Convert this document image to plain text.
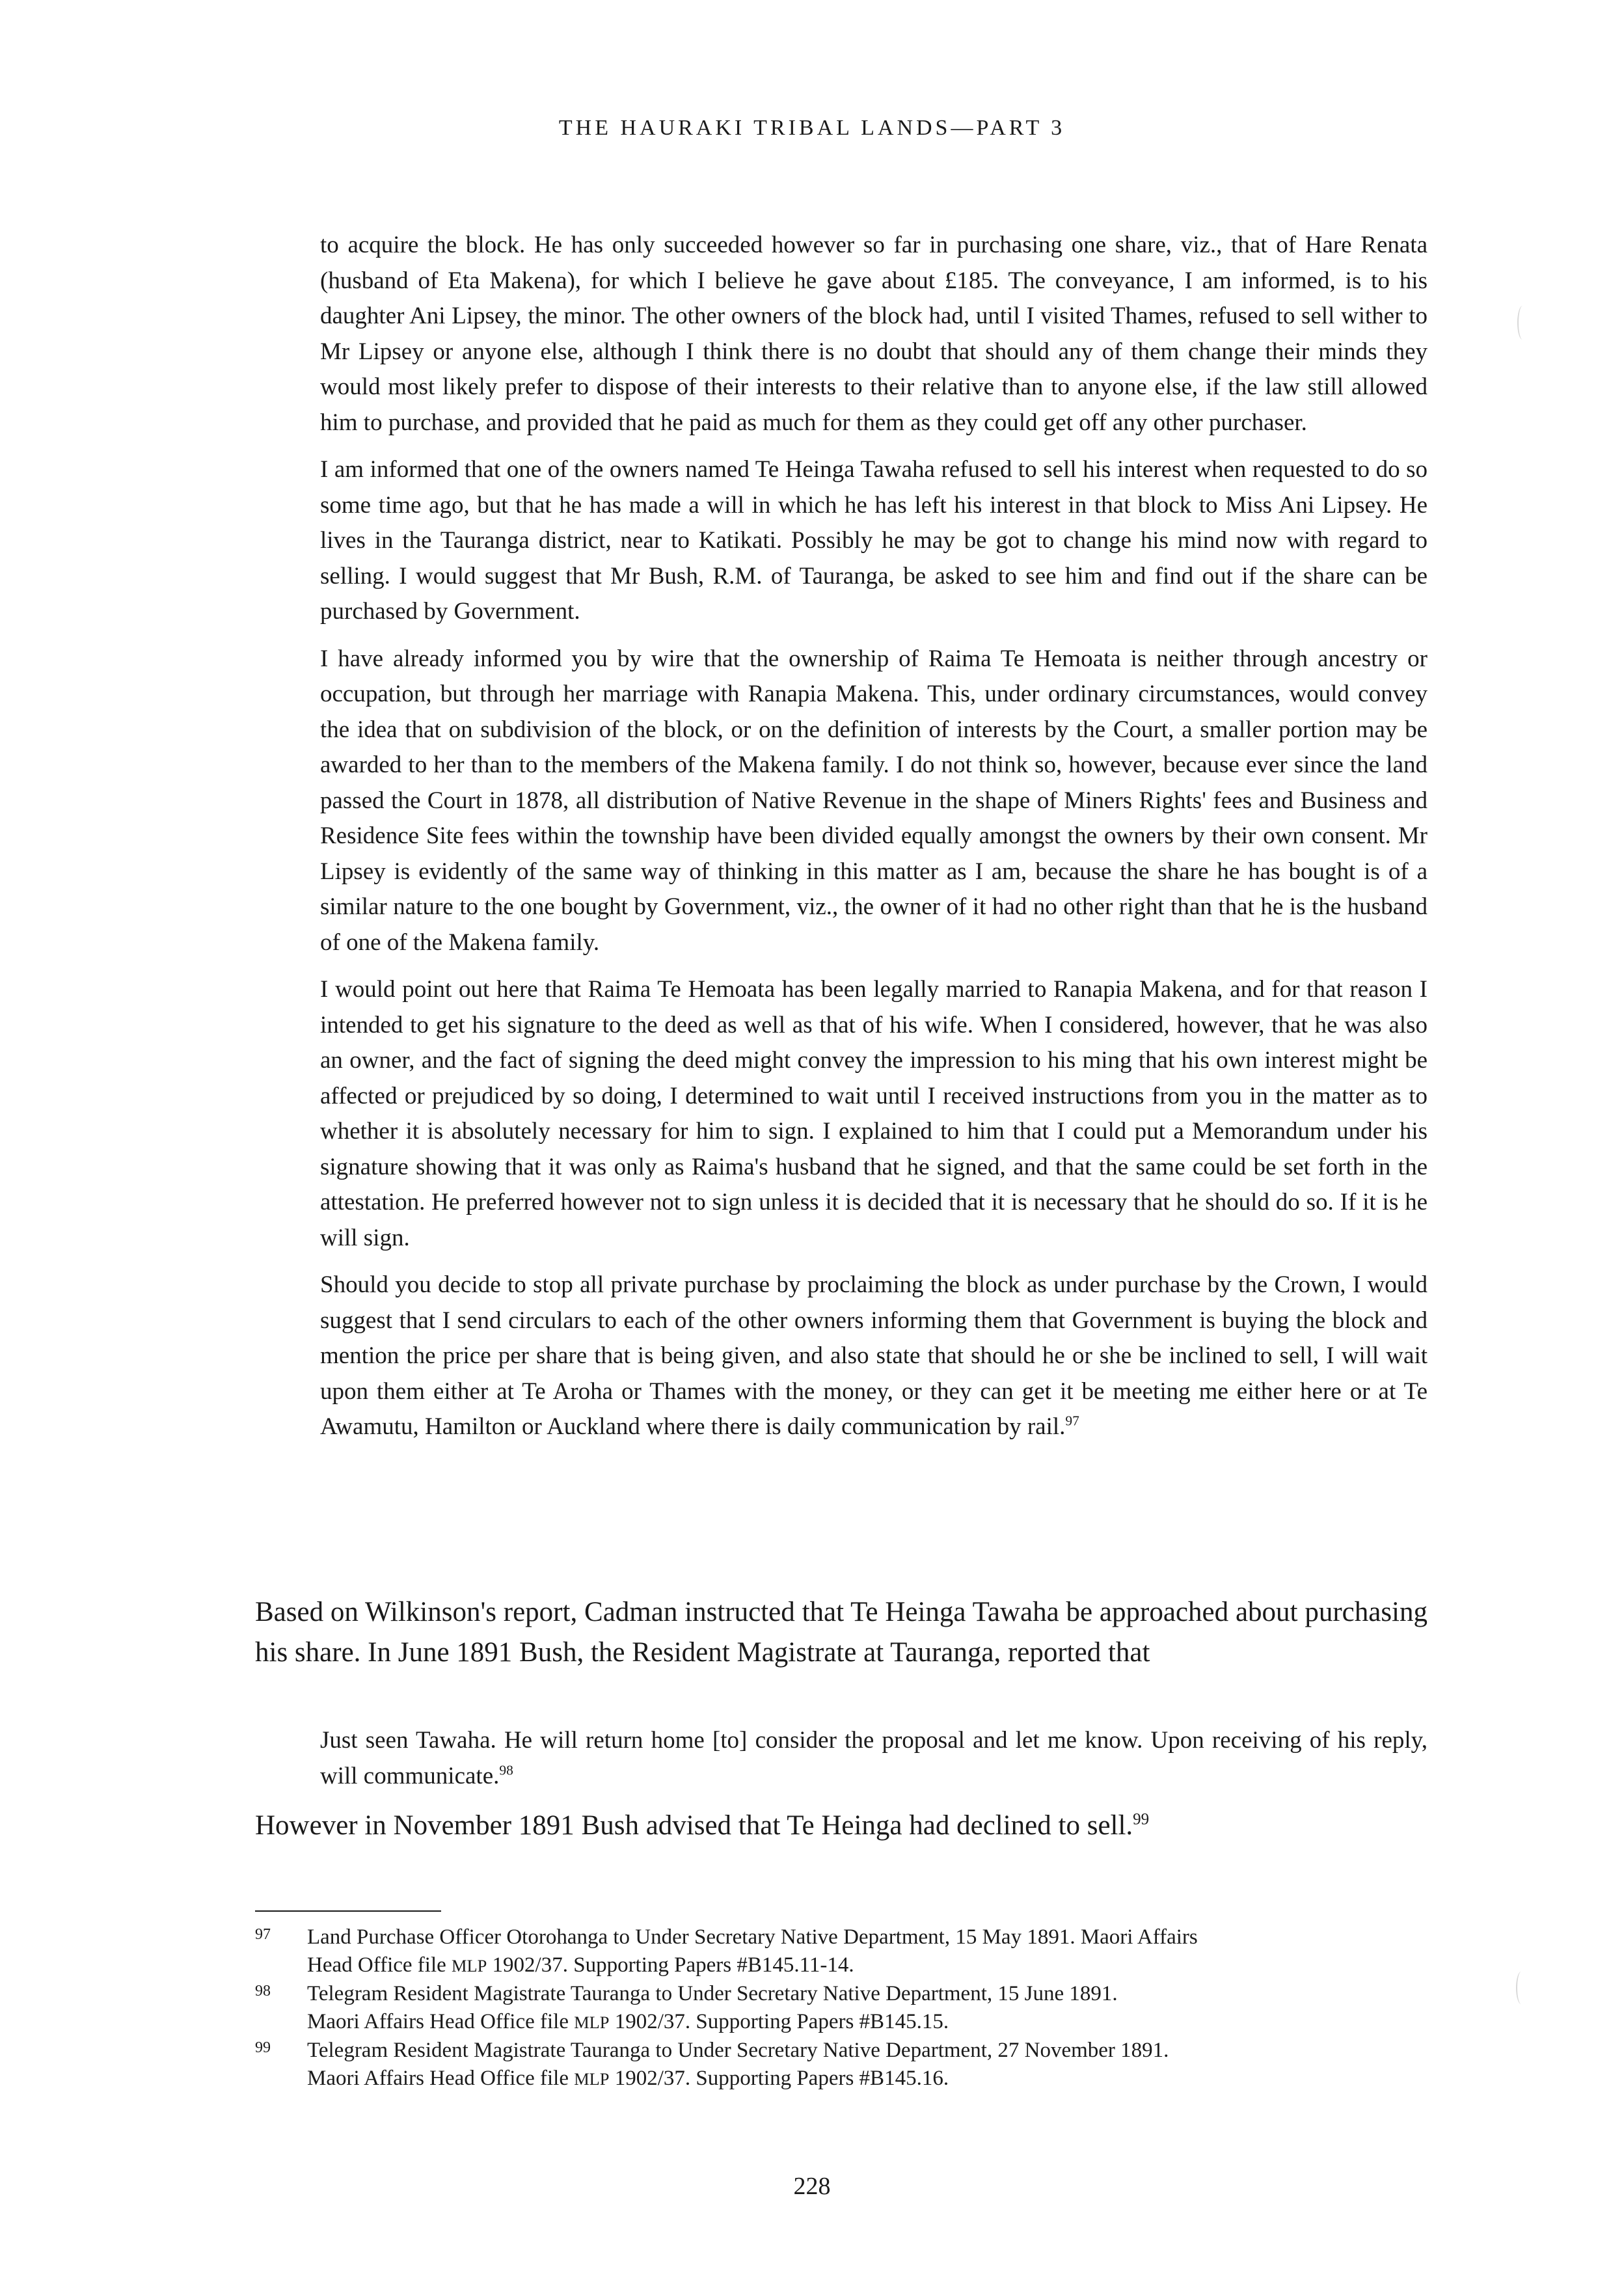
THE HAURAKI TRIBAL LANDS—PART 3

to acquire the block. He has only succeeded however so far in purchasing one share, viz., that of Hare Renata (husband of Eta Makena), for which I believe he gave about £185. The conveyance, I am informed, is to his daughter Ani Lipsey, the minor. The other owners of the block had, until I visited Thames, refused to sell wither to Mr Lipsey or anyone else, although I think there is no doubt that should any of them change their minds they would most likely prefer to dispose of their interests to their relative than to anyone else, if the law still allowed him to purchase, and provided that he paid as much for them as they could get off any other purchaser.

I am informed that one of the owners named Te Heinga Tawaha refused to sell his interest when requested to do so some time ago, but that he has made a will in which he has left his interest in that block to Miss Ani Lipsey. He lives in the Tauranga district, near to Katikati. Possibly he may be got to change his mind now with regard to selling. I would suggest that Mr Bush, R.M. of Tauranga, be asked to see him and find out if the share can be purchased by Government.

I have already informed you by wire that the ownership of Raima Te Hemoata is neither through ancestry or occupation, but through her marriage with Ranapia Makena. This, under ordinary circumstances, would convey the idea that on subdivision of the block, or on the definition of interests by the Court, a smaller portion may be awarded to her than to the members of the Makena family. I do not think so, however, because ever since the land passed the Court in 1878, all distribution of Native Revenue in the shape of Miners Rights' fees and Business and Residence Site fees within the township have been divided equally amongst the owners by their own consent. Mr Lipsey is evidently of the same way of thinking in this matter as I am, because the share he has bought is of a similar nature to the one bought by Government, viz., the owner of it had no other right than that he is the husband of one of the Makena family.

I would point out here that Raima Te Hemoata has been legally married to Ranapia Makena, and for that reason I intended to get his signature to the deed as well as that of his wife. When I considered, however, that he was also an owner, and the fact of signing the deed might convey the impression to his ming that his own interest might be affected or prejudiced by so doing, I determined to wait until I received instructions from you in the matter as to whether it is absolutely necessary for him to sign. I explained to him that I could put a Memorandum under his signature showing that it was only as Raima's husband that he signed, and that the same could be set forth in the attestation. He preferred however not to sign unless it is decided that it is necessary that he should do so. If it is he will sign.

Should you decide to stop all private purchase by proclaiming the block as under purchase by the Crown, I would suggest that I send circulars to each of the other owners informing them that Government is buying the block and mention the price per share that is being given, and also state that should he or she be inclined to sell, I will wait upon them either at Te Aroha or Thames with the money, or they can get it be meeting me either here or at Te Awamutu, Hamilton or Auckland where there is daily communication by rail.$^{97}$

Based on Wilkinson's report, Cadman instructed that Te Heinga Tawaha be approached about purchasing his share. In June 1891 Bush, the Resident Magistrate at Tauranga, reported that

Just seen Tawaha. He will return home [to] consider the proposal and let me know. Upon receiving of his reply, will communicate.$^{98}$

However in November 1891 Bush advised that Te Heinga had declined to sell.$^{99}$

97 Land Purchase Officer Otorohanga to Under Secretary Native Department, 15 May 1891. Maori Affairs
Head Office file MLP 1902/37. Supporting Papers #B145.11-14.
98 Telegram Resident Magistrate Tauranga to Under Secretary Native Department, 15 June 1891.
Maori Affairs Head Office file MLP 1902/37. Supporting Papers #B145.15.
99 Telegram Resident Magistrate Tauranga to Under Secretary Native Department, 27 November 1891.
Maori Affairs Head Office file MLP 1902/37. Supporting Papers #B145.16.
228
